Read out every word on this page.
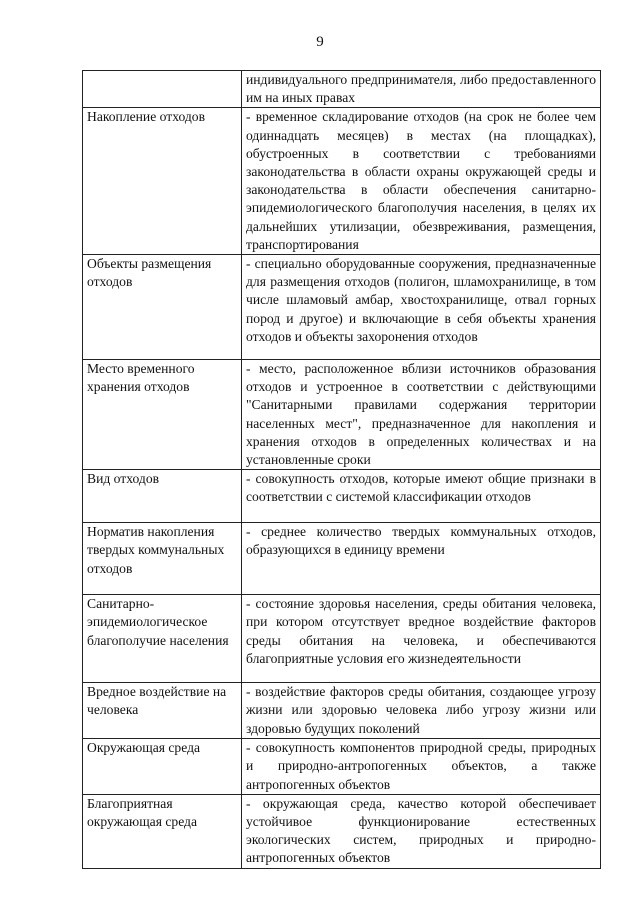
9
	индивидуального предпринимателя, либо предоставленного им на иных правах
Накопление отходов	- временное складирование отходов (на срок не более чем одиннадцать месяцев) в местах (на площадках), обустроенных в соответствии с требованиями законодательства в области охраны окружающей среды и законодательства в области обеспечения санитарно-эпидемиологического благополучия населения, в целях их дальнейших утилизации, обезвреживания, размещения, транспортирования
Объекты размещения отходов	- специально оборудованные сооружения, предназначенные для размещения отходов (полигон, шламохранилище, в том числе шламовый амбар, хвостохранилище, отвал горных пород и другое) и включающие в себя объекты хранения отходов и объекты захоронения отходов
Место временного хранения отходов	- место, расположенное вблизи источников образования отходов и устроенное в соответствии с действующими "Санитарными правилами содержания территории населенных мест", предназначенное для накопления и хранения отходов в определенных количествах и на установленные сроки
Вид отходов	- совокупность отходов, которые имеют общие признаки в соответствии с системой классификации отходов
Норматив накопления твердых коммунальных отходов	- среднее количество твердых коммунальных отходов, образующихся в единицу времени
Санитарно-эпидемиологическое благополучие населения	- состояние здоровья населения, среды обитания человека, при котором отсутствует вредное воздействие факторов среды обитания на человека, и обеспечиваются благоприятные условия его жизнедеятельности
Вредное воздействие на человека	- воздействие факторов среды обитания, создающее угрозу жизни или здоровью человека либо угрозу жизни или здоровью будущих поколений
Окружающая среда	- совокупность компонентов природной среды, природных и природно-антропогенных объектов, а также антропогенных объектов
Благоприятная окружающая среда	- окружающая среда, качество которой обеспечивает устойчивое функционирование естественных экологических систем, природных и природно-антропогенных объектов
